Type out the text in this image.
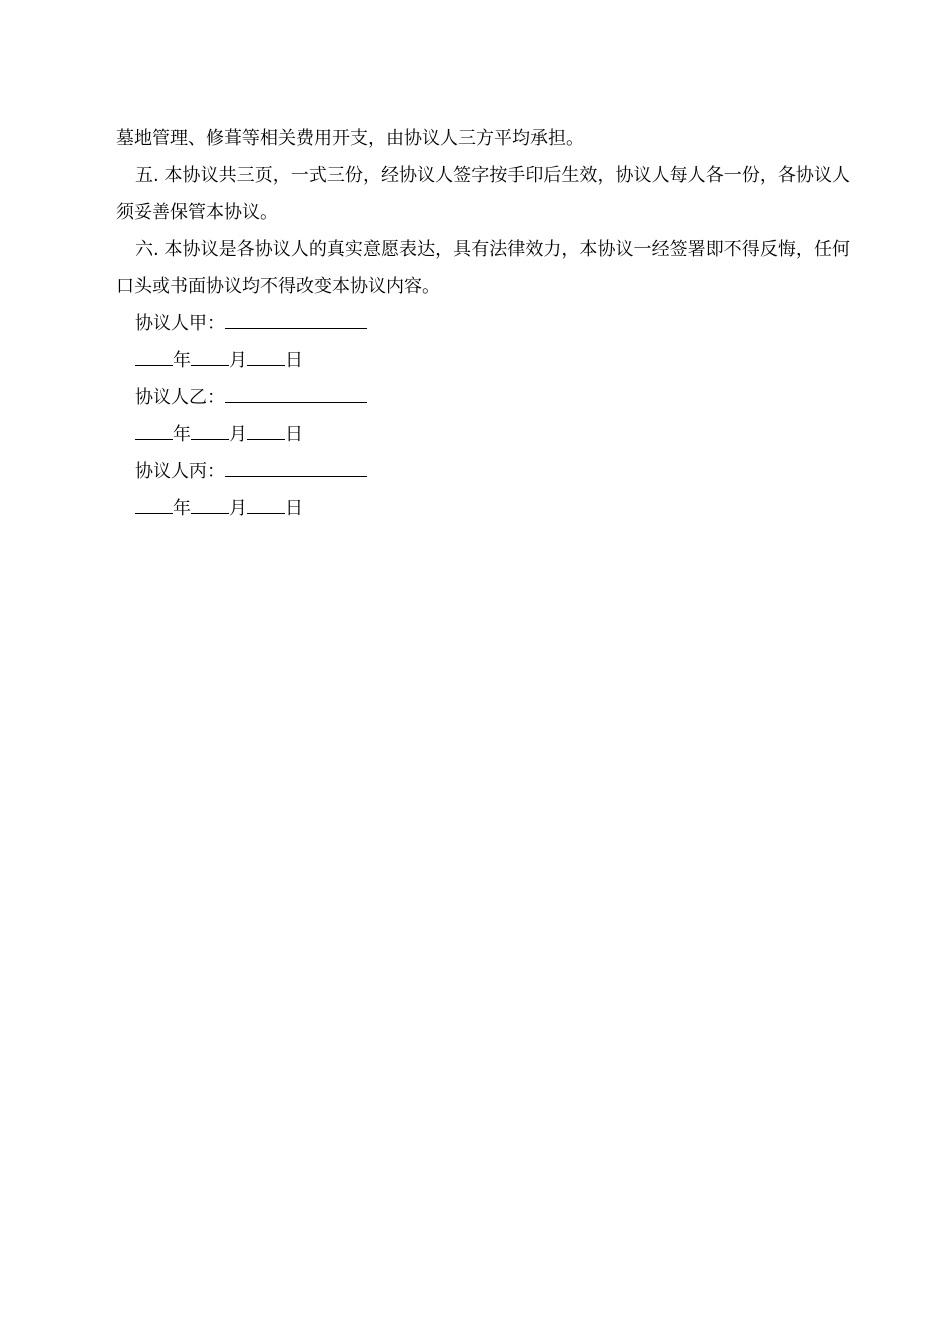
墓地管理、修葺等相关费用开支，由协议人三方平均承担。

五. 本协议共三页，一式三份，经协议人签字按手印后生效，协议人每人各一份，各协议人须妥善保管本协议。

六. 本协议是各协议人的真实意愿表达，具有法律效力，本协议一经签署即不得反悔，任何口头或书面协议均不得改变本协议内容。

协议人甲：
年 月 日
协议人乙：
年 月 日
协议人丙：
年 月 日
